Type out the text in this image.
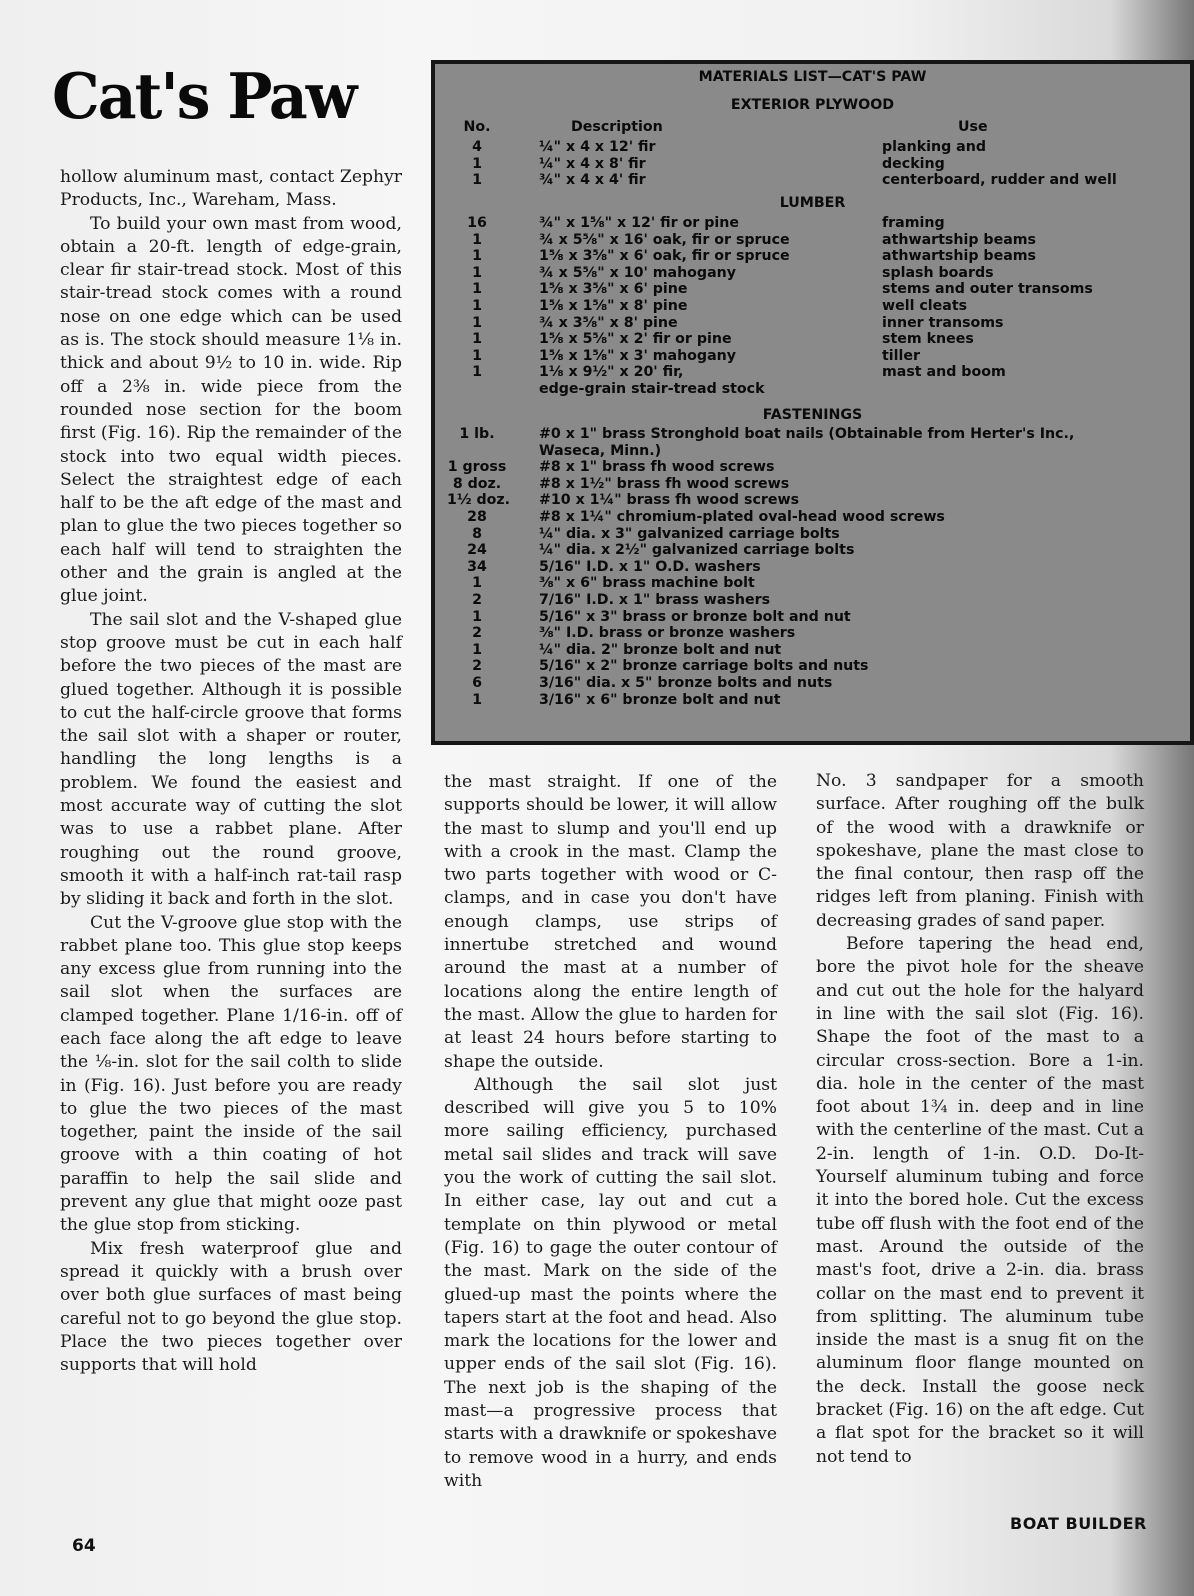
Cat's Paw

hollow aluminum mast, contact Zephyr Products, Inc., Wareham, Mass.

To build your own mast from wood, obtain a 20-ft. length of edge-grain, clear fir stair-tread stock. Most of this stair-tread stock comes with a round nose on one edge which can be used as is. The stock should measure 1⅛ in. thick and about 9½ to 10 in. wide. Rip off a 2⅜ in. wide piece from the rounded nose section for the boom first (Fig. 16). Rip the remainder of the stock into two equal width pieces. Select the straightest edge of each half to be the aft edge of the mast and plan to glue the two pieces together so each half will tend to straighten the other and the grain is angled at the glue joint.

The sail slot and the V-shaped glue stop groove must be cut in each half before the two pieces of the mast are glued together. Although it is possible to cut the half-circle groove that forms the sail slot with a shaper or router, handling the long lengths is a problem. We found the easiest and most accurate way of cutting the slot was to use a rabbet plane. After roughing out the round groove, smooth it with a half-inch rat-tail rasp by sliding it back and forth in the slot.

Cut the V-groove glue stop with the rabbet plane too. This glue stop keeps any excess glue from running into the sail slot when the surfaces are clamped together. Plane 1/16-in. off of each face along the aft edge to leave the ⅛-in. slot for the sail colth to slide in (Fig. 16). Just before you are ready to glue the two pieces of the mast together, paint the inside of the sail groove with a thin coating of hot paraffin to help the sail slide and prevent any glue that might ooze past the glue stop from sticking.

Mix fresh waterproof glue and spread it quickly with a brush over over both glue surfaces of mast being careful not to go beyond the glue stop. Place the two pieces together over supports that will hold

the mast straight. If one of the supports should be lower, it will allow the mast to slump and you'll end up with a crook in the mast. Clamp the two parts together with wood or C-clamps, and in case you don't have enough clamps, use strips of innertube stretched and wound around the mast at a number of locations along the entire length of the mast. Allow the glue to harden for at least 24 hours before starting to shape the outside.

Although the sail slot just described will give you 5 to 10% more sailing efficiency, purchased metal sail slides and track will save you the work of cutting the sail slot. In either case, lay out and cut a template on thin plywood or metal (Fig. 16) to gage the outer contour of the mast. Mark on the side of the glued-up mast the points where the tapers start at the foot and head. Also mark the locations for the lower and upper ends of the sail slot (Fig. 16). The next job is the shaping of the mast—a progressive process that starts with a drawknife or spokeshave to remove wood in a hurry, and ends with

No. 3 sandpaper for a smooth surface. After roughing off the bulk of the wood with a drawknife or spokeshave, plane the mast close to the final contour, then rasp off the ridges left from planing. Finish with decreasing grades of sand paper.

Before tapering the head end, bore the pivot hole for the sheave and cut out the hole for the halyard in line with the sail slot (Fig. 16). Shape the foot of the mast to a circular cross-section. Bore a 1-in. dia. hole in the center of the mast foot about 1¾ in. deep and in line with the centerline of the mast. Cut a 2-in. length of 1-in. O.D. Do-It-Yourself aluminum tubing and force it into the bored hole. Cut the excess tube off flush with the foot end of the mast. Around the outside of the mast's foot, drive a 2-in. dia. brass collar on the mast end to prevent it from splitting. The aluminum tube inside the mast is a snug fit on the aluminum floor flange mounted on the deck. Install the goose neck bracket (Fig. 16) on the aft edge. Cut a flat spot for the bracket so it will not tend to

MATERIALS LIST—CAT'S PAW
No.	Description	Use
EXTERIOR PLYWOOD
4	¼" x 4 x 12' fir	planking and
1	¼" x 4 x 8' fir	decking
1	¾" x 4 x 4' fir	centerboard, rudder and well
LUMBER
16	¾" x 1⅝" x 12' fir or pine	framing
1	¾ x 5⅝" x 16' oak, fir or spruce	athwartship beams
1	1⅝ x 3⅝" x 6' oak, fir or spruce	athwartship beams
1	¾ x 5⅝" x 10' mahogany	splash boards
1	1⅝ x 3⅝" x 6' pine	stems and outer transoms
1	1⅝ x 1⅝" x 8' pine	well cleats
1	¾ x 3⅝" x 8' pine	inner transoms
1	1⅝ x 5⅝" x 2' fir or pine	stem knees
1	1⅝ x 1⅝" x 3' mahogany	tiller
1	1⅛ x 9½" x 20' fir,	mast and boom
edge-grain stair-tread stock
FASTENINGS
1 lb.	#0 x 1" brass Stronghold boat nails (Obtainable from Herter's Inc.,
Waseca, Minn.)
1 gross #8 x 1" brass fh wood screws
8 doz.	#8 x 1½" brass fh wood screws
1½ doz. #10 x 1¼" brass fh wood screws
28	#8 x 1¼" chromium-plated oval-head wood screws
8	¼" dia. x 3" galvanized carriage bolts
24	¼" dia. x 2½" galvanized carriage bolts
34	5/16" I.D. x 1" O.D. washers
1	⅜" x 6" brass machine bolt
2	7/16" I.D. x 1" brass washers
1	5/16" x 3" brass or bronze bolt and nut
2	⅜" I.D. brass or bronze washers
1	¼" dia. 2" bronze bolt and nut
2	5/16" x 2" bronze carriage bolts and nuts
6	3/16" dia. x 5" bronze bolts and nuts
1	3/16" x 6" bronze bolt and nut
64
BOAT BUILDER
